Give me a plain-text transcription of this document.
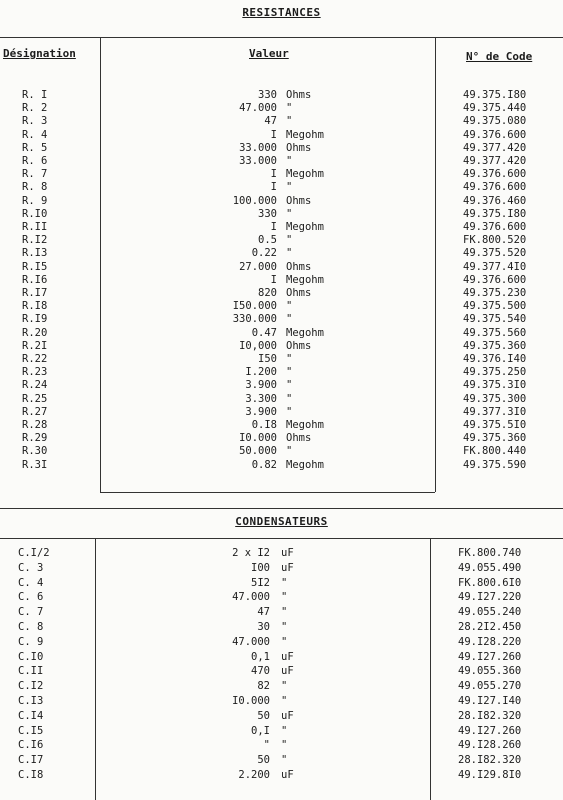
RESISTANCES
Désignation	Valeur	N° de Code
R. I	330 Ohms	49.375.I80
R. 2	47.000 "	49.375.440
R. 3	47 "	49.375.080
R. 4	I Megohm	49.376.600
R. 5	33.000 Ohms	49.377.420
R. 6	33.000 "	49.377.420
R. 7	I Megohm	49.376.600
R. 8	I "	49.376.600
R. 9	100.000 Ohms	49.376.460
R.I0	330 "	49.375.I80
R.II	I Megohm	49.376.600
R.I2	0.5 "	FK.800.520
R.I3	0.22 "	49.375.520
R.I5	27.000 Ohms	49.377.4I0
R.I6	I Megohm	49.376.600
R.I7	820 Ohms	49.375.230
R.I8	I50.000 "	49.375.500
R.I9	330.000 "	49.375.540
R.20	0.47 Megohm	49.375.560
R.2I	I0,000 Ohms	49.375.360
R.22	I50 "	49.376.I40
R.23	I.200 "	49.375.250
R.24	3.900 "	49.375.3I0
R.25	3.300 "	49.375.300
R.27	3.900 "	49.377.3I0
R.28	0.I8 Megohm	49.375.5I0
R.29	I0.000 Ohms	49.375.360
R.30	50.000 "	FK.800.440
R.3I	0.82 Megohm	49.375.590
CONDENSATEURS
C.I/2	2 x I2 uF	FK.800.740
C. 3	I00 uF	49.055.490
C. 4	5I2 "	FK.800.6I0
C. 6	47.000 "	49.I27.220
C. 7	47 "	49.055.240
C. 8	30 "	28.2I2.450
C. 9	47.000 "	49.I28.220
C.I0	0,1 uF	49.I27.260
C.II	470 uF	49.055.360
C.I2	82 "	49.055.270
C.I3	I0.000 "	49.I27.I40
C.I4	50 uF	28.I82.320
C.I5	0,I "	49.I27.260
C.I6	" "	49.I28.260
C.I7	50 "	28.I82.320
C.I8	2.200 uF	49.I29.8I0
